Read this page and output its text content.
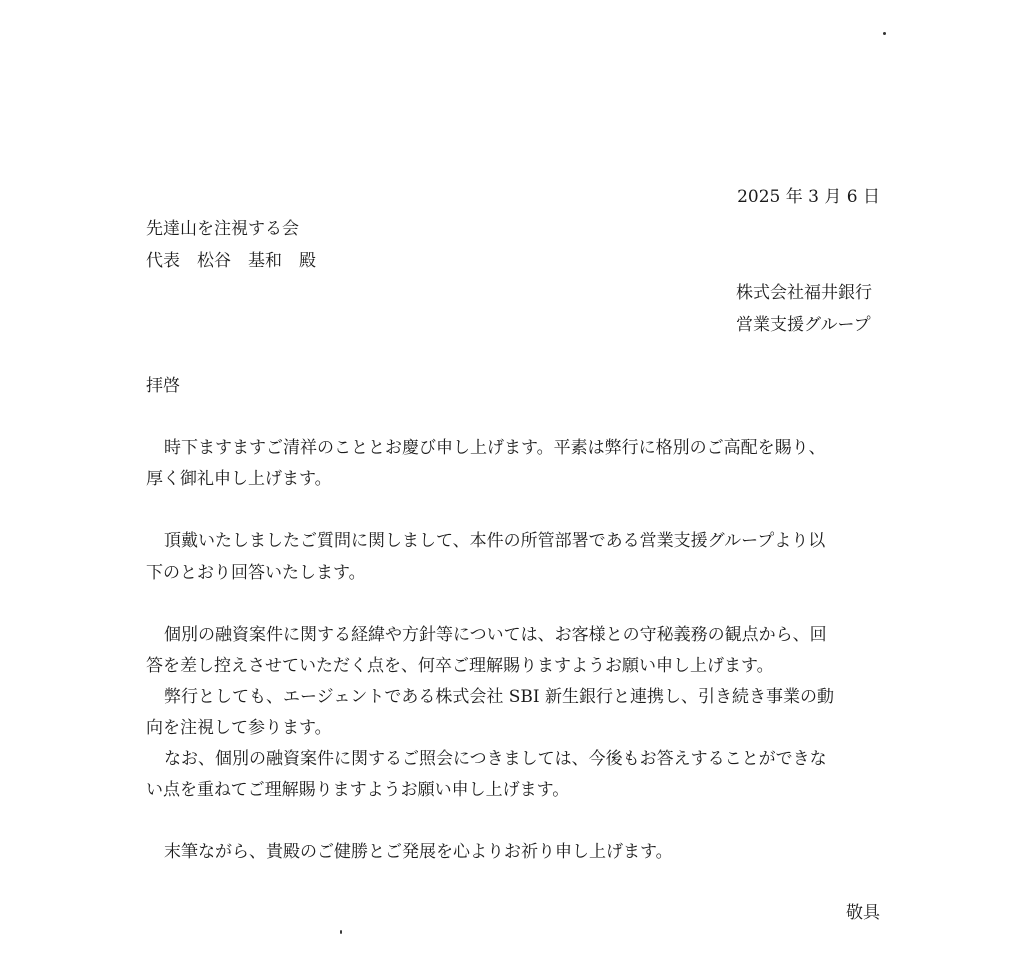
2025 年 3 月 6 日

先達山を注視する会

代表　松谷　基和　殿

株式会社福井銀行

営業支援グループ

拝啓

時下ますますご清祥のこととお慶び申し上げます。平素は弊行に格別のご高配を賜り、

厚く御礼申し上げます。

頂戴いたしましたご質問に関しまして、本件の所管部署である営業支援グループより以

下のとおり回答いたします。

個別の融資案件に関する経緯や方針等については、お客様との守秘義務の観点から、回

答を差し控えさせていただく点を、何卒ご理解賜りますようお願い申し上げます。

弊行としても、エージェントである株式会社 SBI 新生銀行と連携し、引き続き事業の動

向を注視して参ります。

なお、個別の融資案件に関するご照会につきましては、今後もお答えすることができな

い点を重ねてご理解賜りますようお願い申し上げます。

末筆ながら、貴殿のご健勝とご発展を心よりお祈り申し上げます。

敬具
